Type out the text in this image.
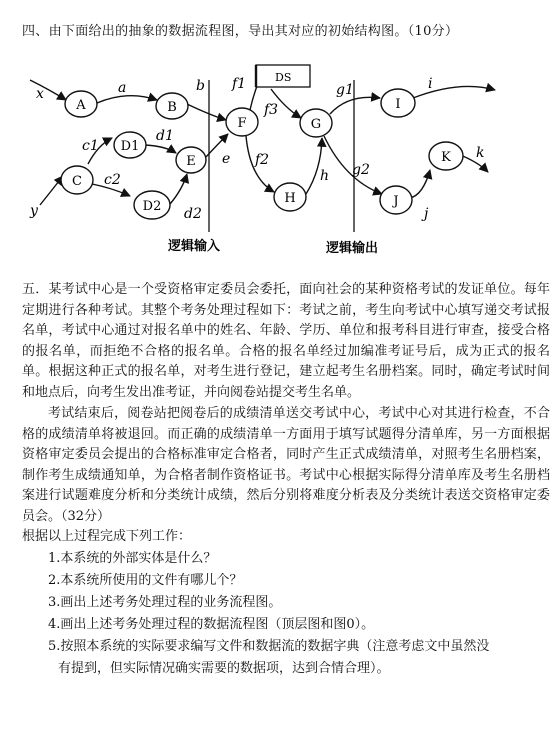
四、由下面给出的抽象的数据流程图，导出其对应的初始结构图。（10分）
DS
A	B
C
D1
D2
E
F	G
H
I
J
K
x	a	b
c1
c2
d1
d2
e
y
f1
f3
f2
h
g1
g2
i
j
k
逻辑输入	逻辑输出

五．某考试中心是一个受资格审定委员会委托，面向社会的某种资格考试的发证单位。每年定期进行各种考试。其整个考务处理过程如下：考试之前，考生向考试中心填写递交考试报名单，考试中心通过对报名单中的姓名、年龄、学历、单位和报考科目进行审查，接受合格的报名单，而拒绝不合格的报名单。合格的报名单经过加编准考证号后，成为正式的报名单。根据这种正式的报名单，对考生进行登记，建立起考生名册档案。同时，确定考试时间和地点后，向考生发出准考证，并向阅卷站提交考生名单。

考试结束后，阅卷站把阅卷后的成绩清单送交考试中心，考试中心对其进行检查，不合格的成绩清单将被退回。而正确的成绩清单一方面用于填写试题得分清单库，另一方面根据资格审定委员会提出的合格标准审定合格者，同时产生正式成绩清单，对照考生名册档案，制作考生成绩通知单，为合格者制作资格证书。考试中心根据实际得分清单库及考生名册档案进行试题难度分析和分类统计成绩，然后分别将难度分析表及分类统计表送交资格审定委员会。（32分）

根据以上过程完成下列工作：

1.本系统的外部实体是什么？
2.本系统所使用的文件有哪儿个？
3.画出上述考务处理过程的业务流程图。
4.画出上述考务处理过程的数据流程图（顶层图和图0）。
5.按照本系统的实际要求编写文件和数据流的数据字典（注意考虑文中虽然没
有提到，但实际情况确实需要的数据项，达到合情合理）。
